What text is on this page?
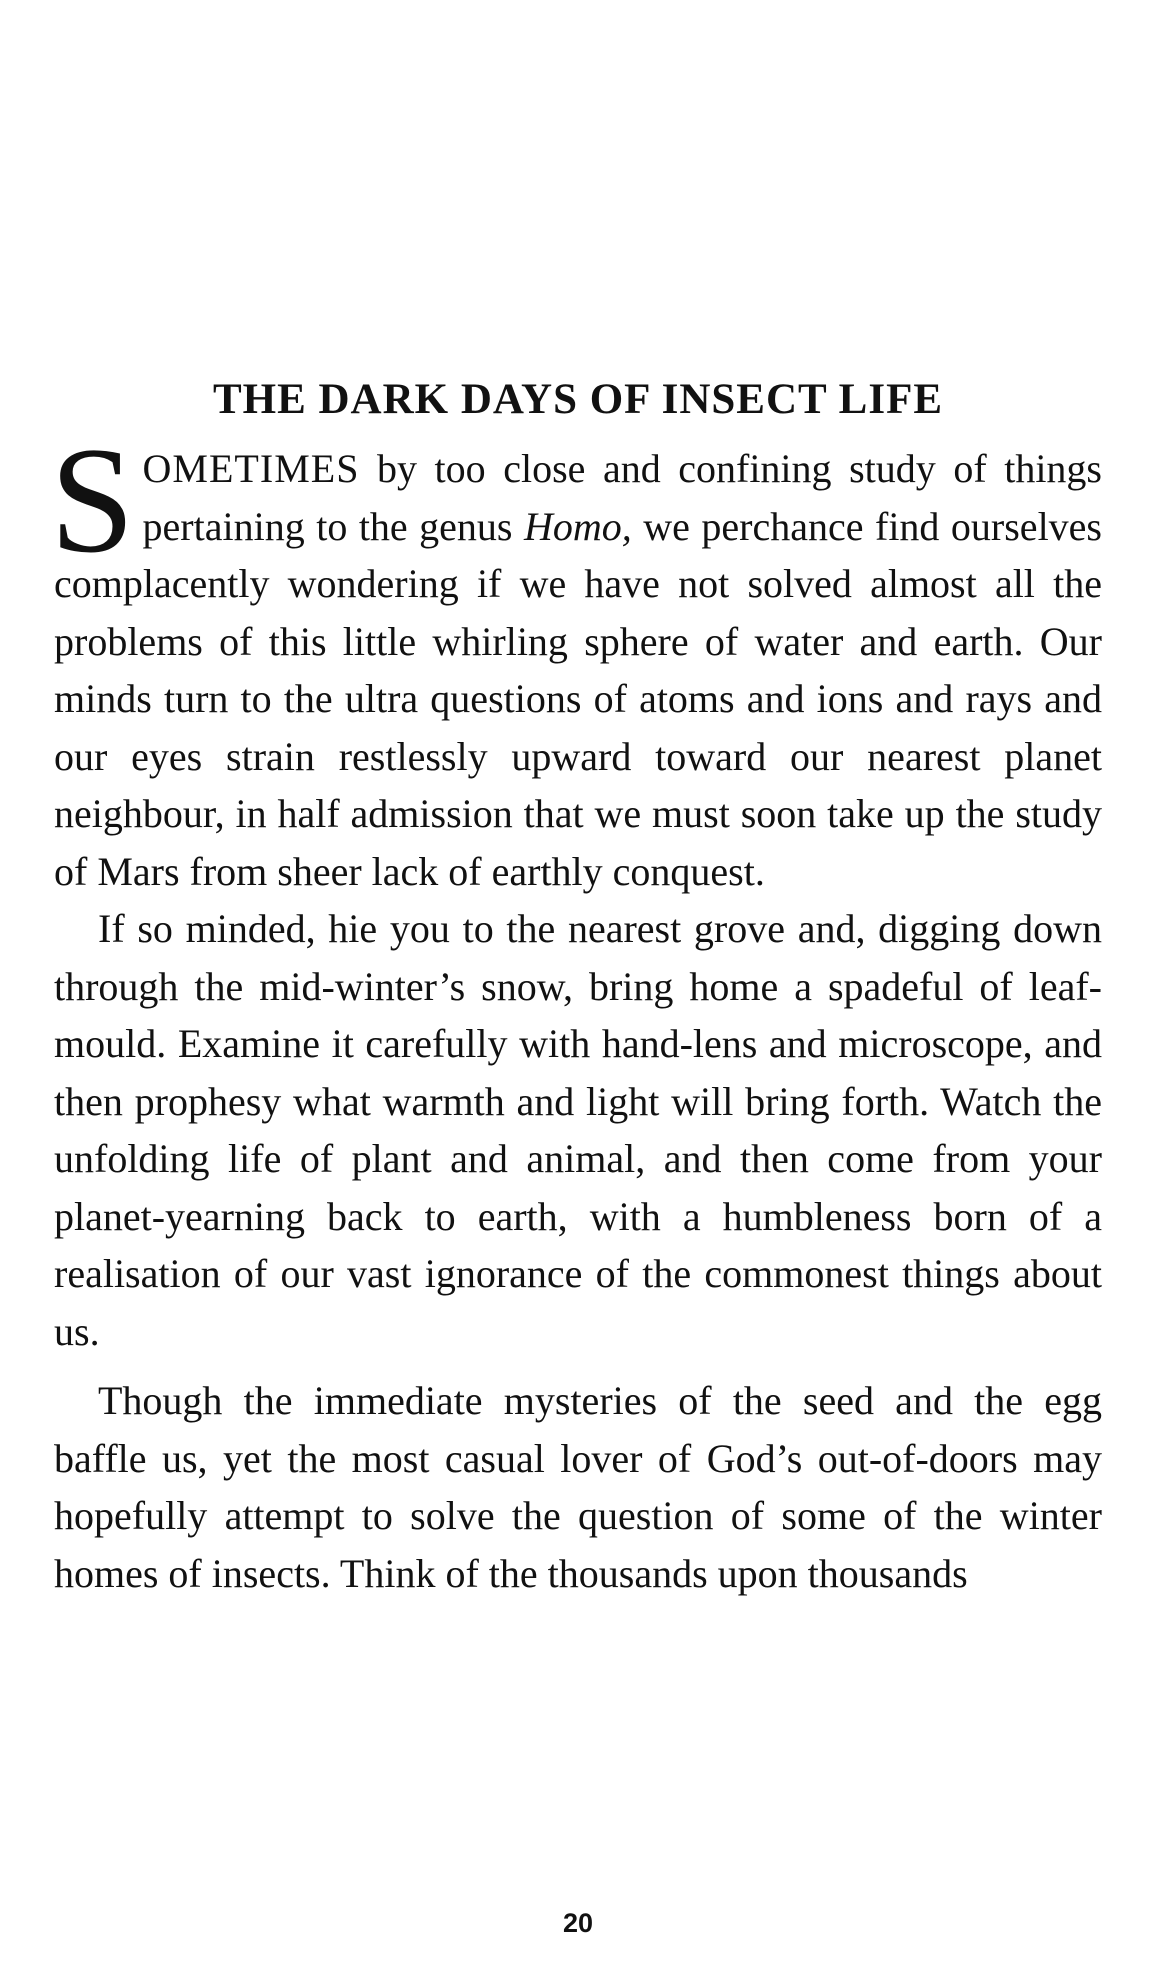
THE DARK DAYS OF INSECT LIFE

SOMETIMES by too close and confining study of things pertaining to the genus Homo, we perchance find ourselves complacently wondering if we have not solved almost all the problems of this little whirling sphere of water and earth. Our minds turn to the ultra questions of atoms and ions and rays and our eyes strain restlessly upward toward our nearest planet neighbour, in half admission that we must soon take up the study of Mars from sheer lack of earthly conquest.

If so minded, hie you to the nearest grove and, digging down through the mid-winter’s snow, bring home a spadeful of leaf-mould. Examine it carefully with hand-lens and microscope, and then prophesy what warmth and light will bring forth. Watch the unfolding life of plant and animal, and then come from your planet-yearning back to earth, with a humbleness born of a realisation of our vast ignorance of the commonest things about us.

Though the immediate mysteries of the seed and the egg baffle us, yet the most casual lover of God’s out-of-doors may hopefully attempt to solve the question of some of the winter homes of insects. Think of the thousands upon thousands

20
